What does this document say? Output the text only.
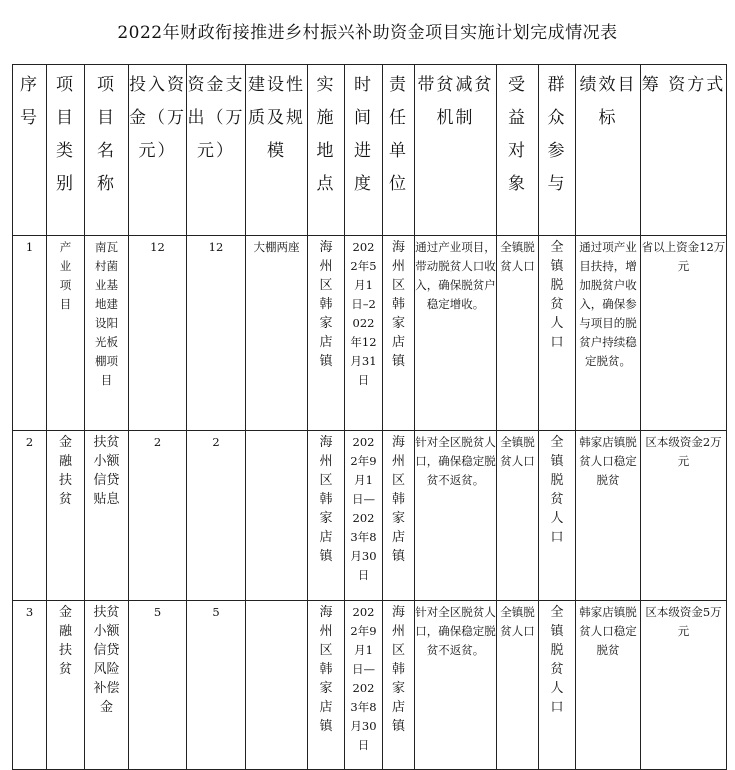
2022年财政衔接推进乡村振兴补助资金项目实施计划完成情况表
序号	项目类别	项目名称	投入资金（万元）	资金支出（万元）	建设性质及规模	实施地点	时间进度	责任单位	带贫减贫机制	受益对象	群众参与	绩效目标	筹 资方式
1	产业项目	南瓦村菌业基地建设阳光板棚项目	12	12	大棚两座	海州区韩家店镇	2022年5月1日–2022年12月31日	海州区韩家店镇	通过产业项目，带动脱贫人口收入，确保脱贫户稳定增收。	全镇脱贫人口	全镇脱贫人口	通过项产业目扶持，增加脱贫户收入，确保参与项目的脱贫户持续稳定脱贫。	省以上资金12万元
2	金融扶贫	扶贫小额信贷贴息	2	2		海州区韩家店镇	2022年9月1日—2023年8月30日	海州区韩家店镇	针对全区脱贫人口，确保稳定脱贫不返贫。	全镇脱贫人口	全镇脱贫人口	韩家店镇脱贫人口稳定脱贫	区本级资金2万元
3	金融扶贫	扶贫小额信贷风险补偿金	5	5		海州区韩家店镇	2022年9月1日—2023年8月30日	海州区韩家店镇	针对全区脱贫人口，确保稳定脱贫不返贫。	全镇脱贫人口	全镇脱贫人口	韩家店镇脱贫人口稳定脱贫	区本级资金5万元
